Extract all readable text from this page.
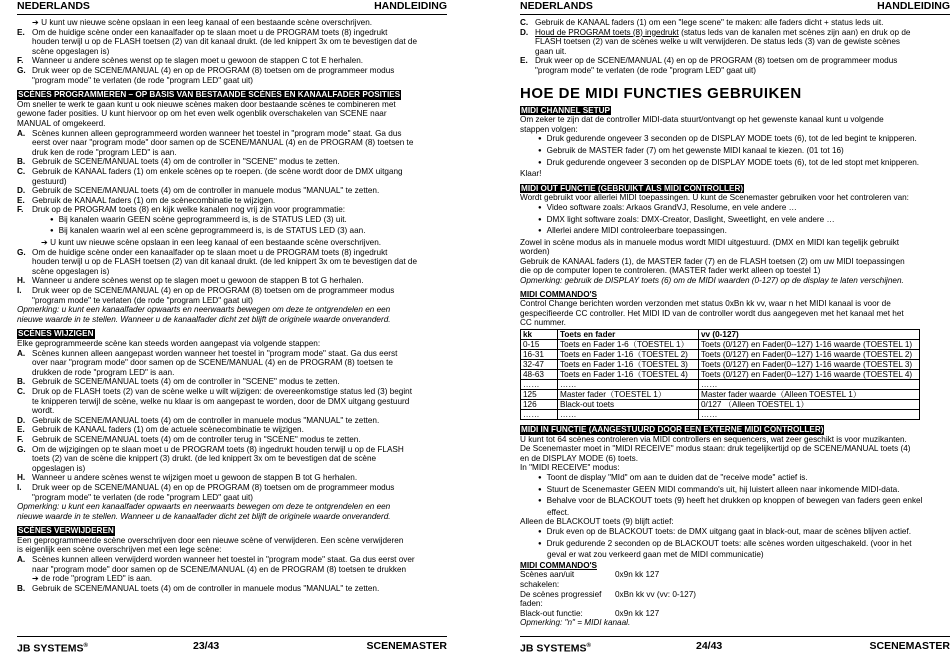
NEDERLANDS	HANDLEIDING
➔ U kunt uw nieuwe scène opslaan in een leeg kanaal of een bestaande scène overschrijven.
E. Om de huidige scène onder een kanaalfader op te slaan moet u de PROGRAM toets (8) ingedrukt
houden terwijl u op de FLASH toetsen (2) van dit kanaal drukt. (de led knippert 3x om te bevestigen dat de
scène opgeslagen is)
F.	Wanneer u andere scènes wenst op te slagen moet u gewoon de stappen C tot E herhalen.
G. Druk weer op de SCENE/MANUAL (4) en op de PROGRAM (8) toetsen om de programmeer modus
"program mode" te verlaten (de rode "program LED" gaat uit)
SCÈNES PROGRAMMEREN – OP BASIS VAN BESTAANDE SCÈNES EN KANAALFADER POSITIES
Om sneller te werk te gaan kunt u ook nieuwe scènes maken door bestaande scènes te combineren met
gewone fader posities. U kunt hiervoor op om het even welk ogenblik overschakelen van SCENE naar
MANUAL of omgekeerd.
A. Scènes kunnen alleen geprogrammeerd worden wanneer het toestel in "program mode" staat. Ga dus
eerst over naar "program mode" door samen op de SCENE/MANUAL (4) en de PROGRAM (8) toetsen te
druk ken de rode "program LED" is aan.
B. Gebruik de SCENE/MANUAL toets (4) om de controller in "SCENE" modus te zetten.
C. Gebruik de KANAAL faders (1) om enkele scènes op te roepen. (de scène wordt door de DMX uitgang
gestuurd)
D. Gebruik de SCENE/MANUAL toets (4) om de controller in manuele modus "MANUAL" te zetten.
E. Gebruik de KANAAL faders (1) om de scènecombinatie te wijzigen.
F.	Druk op de PROGRAM toets (8) en kijk welke kanalen nog vrij zijn voor programmatie:
● Bij kanalen waarin GEEN scène geprogrammeerd is, is de STATUS LED (3) uit.
● Bij kanalen waarin wel al een scène geprogrammeerd is, is de STATUS LED (3) aan.
➔ U kunt uw nieuwe scène opslaan in een leeg kanaal of een bestaande scène overschrijven.
G. Om de huidige scène onder een kanaalfader op te slaan moet u de PROGRAM toets (8) ingedrukt
houden terwijl u op de FLASH toetsen (2) van dit kanaal drukt. (de led knippert 3x om te bevestigen dat de
scène opgeslagen is)
H. Wanneer u andere scènes wenst op te slagen moet u gewoon de stappen B tot G herhalen.
I.	Druk weer op de SCENE/MANUAL (4) en op de PROGRAM (8) toetsen om de programmeer modus
"program mode" te verlaten (de rode "program LED" gaat uit)
Opmerking: u kunt een kanaalfader opwaarts en neerwaarts bewegen om deze te ontgrendelen en een
nieuwe waarde in te stellen. Wanneer u de kanaalfader dicht zet blijft de originele waarde onveranderd.
SCÈNES WIJZIGEN
Elke geprogrammeerde scène kan steeds worden aangepast via volgende stappen:
A. Scènes kunnen alleen aangepast worden wanneer het toestel in "program mode" staat. Ga dus eerst
over naar "program mode" door samen op de SCENE/MANUAL (4) en de PROGRAM (8) toetsen te
drukken de rode "program LED" is aan.
B. Gebruik de SCENE/MANUAL toets (4) om de controller in "SCENE" modus te zetten.
C. Druk op de FLASH toets (2) van de scène welke u wilt wijzigen: de overeenkomstige status led (3) begint
te knipperen terwijl de scène, welke nu klaar is om aangepast te worden, door de DMX uitgang gestuurd
wordt.
D. Gebruik de SCENE/MANUAL toets (4) om de controller in manuele modus "MANUAL" te zetten.
E. Gebruik de KANAAL faders (1) om de actuele scènecombinatie te wijzigen.
F.	Gebruik de SCENE/MANUAL toets (4) om de controller terug in "SCENE" modus te zetten.
G. Om de wijzigingen op te slaan moet u de PROGRAM toets (8) ingedrukt houden terwijl u op de FLASH
toets (2) van de scène die knippert (3) drukt. (de led knippert 3x om te bevestigen dat de scène
opgeslagen is)
H. Wanneer u andere scènes wenst te wijzigen moet u gewoon de stappen B tot G herhalen.
I.	Druk weer op de SCENE/MANUAL (4) en op de PROGRAM (8) toetsen om de programmeer modus
"program mode" te verlaten (de rode "program LED" gaat uit)
Opmerking: u kunt een kanaalfader opwaarts en neerwaarts bewegen om deze te ontgrendelen en een
nieuwe waarde in te stellen. Wanneer u de kanaalfader dicht zet blijft de originele waarde onveranderd.
SCÈNES VERWIJDEREN
Een geprogrammeerde scène overschrijven door een nieuwe scène of verwijderen. Een scène verwijderen
is eigenlijk een scène overschrijven met een lege scène:
A. Scènes kunnen alleen verwijderd worden wanneer het toestel in "program mode" staat. Ga dus eerst over
naar "program mode" door samen op de SCENE/MANUAL (4) en de PROGRAM (8) toetsen te drukken
➔ de rode "program LED" is aan.
B. Gebruik de SCENE/MANUAL toets (4) om de controller in manuele modus "MANUAL" te zetten.
JB SYSTEMS®	23/43	SCENEMASTER
NEDERLANDS	HANDLEIDING
C. Gebruik de KANAAL faders (1) om een "lege scene" te maken: alle faders dicht + status leds uit.
D. Houd de PROGRAM toets (8) ingedrukt (status leds van de kanalen met scènes zijn aan) en druk op de
FLASH toetsen (2) van de scènes welke u wilt verwijderen. De status leds (3) van de gewiste scènes
gaan uit.
E. Druk weer op de SCENE/MANUAL (4) en op de PROGRAM (8) toetsen om de programmeer modus
"program mode" te verlaten (de rode "program LED" gaat uit)
HOE DE MIDI FUNCTIES GEBRUIKEN
MIDI CHANNEL SETUP
Om zeker te zijn dat de controller MIDI-data stuurt/ontvangt op het gewenste kanaal kunt u volgende
stappen volgen:
● Druk gedurende ongeveer 3 seconden op de DISPLAY MODE toets (6), tot de led begint te knipperen.
● Gebruik de MASTER fader (7) om het gewenste MIDI kanaal te kiezen. (01 tot 16)
● Druk gedurende ongeveer 3 seconden op de DISPLAY MODE toets (6), tot de led stopt met knipperen.
Klaar!
MIDI OUT FUNCTIE (GEBRUIKT ALS MIDI CONTROLLER)
Wordt gebruikt voor allerlei MIDI toepassingen. U kunt de Scenemaster gebruiken voor het controleren van:
● Video software zoals: Arkaos GrandVJ, Resolume, en vele andere …
● DMX light software zoals: DMX-Creator, Daslight, Sweetlight, en vele andere …
● Allerlei andere MIDI controleerbare toepassingen.
Zowel in scène modus als in manuele modus wordt MIDI uitgestuurd. (DMX en MIDI kan tegelijk gebruikt
worden)
Gebruik de KANAAL faders (1), de MASTER fader (7) en de FLASH toetsen (2) om uw MIDI toepassingen
die op de computer lopen te controleren. (MASTER fader werkt alleen op toestel 1)
Opmerking: gebruik de DISPLAY toets (6) om de MIDI waarden (0-127) op de display te laten verschijnen.
MIDI COMMANDO'S
Control Change berichten worden verzonden met status 0xBn kk vv, waar n het MIDI kanaal is voor de
gespecifieerde CC controller. Het MIDI ID van de controller wordt dus aangegeven met het kanaal met het
CC nummer.
kk	Toets en fader	vv (0-127)
0-15	Toets en Fader 1-6（TOESTEL 1）	Toets (0/127) en Fader(0--127) 1-16 waarde (TOESTEL 1)
16-31	Toets en Fader 1-16（TOESTEL 2)	Toets (0/127) en Fader(0--127) 1-16 waarde (TOESTEL 2)
32-47	Toets en Fader 1-16（TOESTEL 3)	Toets (0/127) en Fader(0--127) 1-16 waarde (TOESTEL 3)
48-63	Toets en Fader 1-16（TOESTEL 4)	Toets (0/127) en Fader(0--127) 1-16 waarde (TOESTEL 4)
……	……	……
125	Master fader（TOESTEL 1）	Master fader waarde（Alleen TOESTEL 1）
126	Black-out toets	0/127 （Alleen TOESTEL 1）
……	……	……
MIDI IN FUNCTIE (AANGESTUURD DOOR EEN EXTERNE MIDI CONTROLLER)
U kunt tot 64 scènes controleren via MIDI controllers en sequencers, wat zeer geschikt is voor muzikanten.
De Scenemaster moet in "MIDI RECEIVE" modus staan: druk tegelijkertijd op de SCENE/MANUAL toets (4)
en de DISPLAY MODE (6) toets.
In "MIDI RECEIVE" modus:
● Toont de display "MId" om aan te duiden dat de "receive mode" actief is.
● Stuurt de Scenemaster GEEN MIDI commando's uit, hij luistert alleen naar inkomende MIDI-data.
● Behalve voor de BLACKOUT toets (9) heeft het drukken op knoppen of bewegen van faders geen enkel
effect.
Alleen de BLACKOUT toets (9) blijft actief:
● Druk even op de BLACKOUT toets: de DMX uitgang gaat in black-out, maar de scènes blijven actief.
● Druk gedurende 2 seconden op de BLACKOUT toets: alle scènes worden uitgeschakeld. (voor in het
geval er wat zou verkeerd gaan met de MIDI communicatie)
MIDI COMMANDO'S
Scènes aan/uit schakelen:
0x9n kk 127
De scènes progressief faden:
0xBn kk vv (vv: 0-127)
Black-out functie:	0x9n kk 127
Opmerking: "n" = MIDI kanaal.
JB SYSTEMS®	24/43	SCENEMASTER
